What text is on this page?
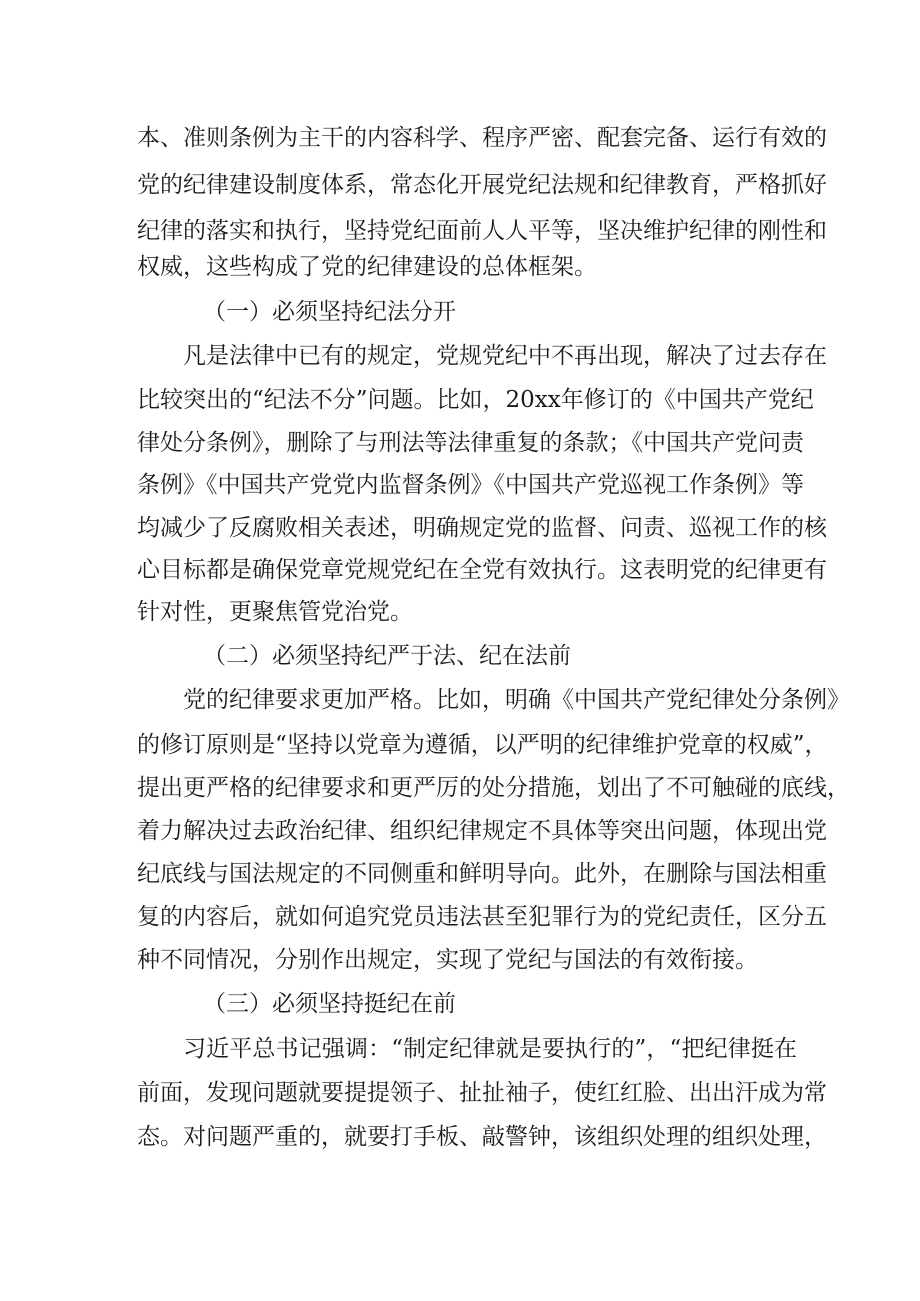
本、准则条例为主干的内容科学、程序严密、配套完备、运行有效的
党的纪律建设制度体系，常态化开展党纪法规和纪律教育，严格抓好
纪律的落实和执行，坚持党纪面前人人平等，坚决维护纪律的刚性和
权威，这些构成了党的纪律建设的总体框架。
（一）必须坚持纪法分开
凡是法律中已有的规定，党规党纪中不再出现，解决了过去存在
比较突出的“纪法不分”问题。比如，20xx年修订的《中国共产党纪
律处分条例》，删除了与刑法等法律重复的条款；《中国共产党问责
条例》《中国共产党党内监督条例》《中国共产党巡视工作条例》等
均减少了反腐败相关表述，明确规定党的监督、问责、巡视工作的核
心目标都是确保党章党规党纪在全党有效执行。这表明党的纪律更有
针对性，更聚焦管党治党。
（二）必须坚持纪严于法、纪在法前
党的纪律要求更加严格。比如，明确《中国共产党纪律处分条例》
的修订原则是“坚持以党章为遵循，以严明的纪律维护党章的权威”，
提出更严格的纪律要求和更严厉的处分措施，划出了不可触碰的底线，
着力解决过去政治纪律、组织纪律规定不具体等突出问题，体现出党
纪底线与国法规定的不同侧重和鲜明导向。此外，在删除与国法相重
复的内容后，就如何追究党员违法甚至犯罪行为的党纪责任，区分五
种不同情况，分别作出规定，实现了党纪与国法的有效衔接。
（三）必须坚持挺纪在前
习近平总书记强调：“制定纪律就是要执行的”，“把纪律挺在
前面，发现问题就要提提领子、扯扯袖子，使红红脸、出出汗成为常
态。对问题严重的，就要打手板、敲警钟，该组织处理的组织处理，
